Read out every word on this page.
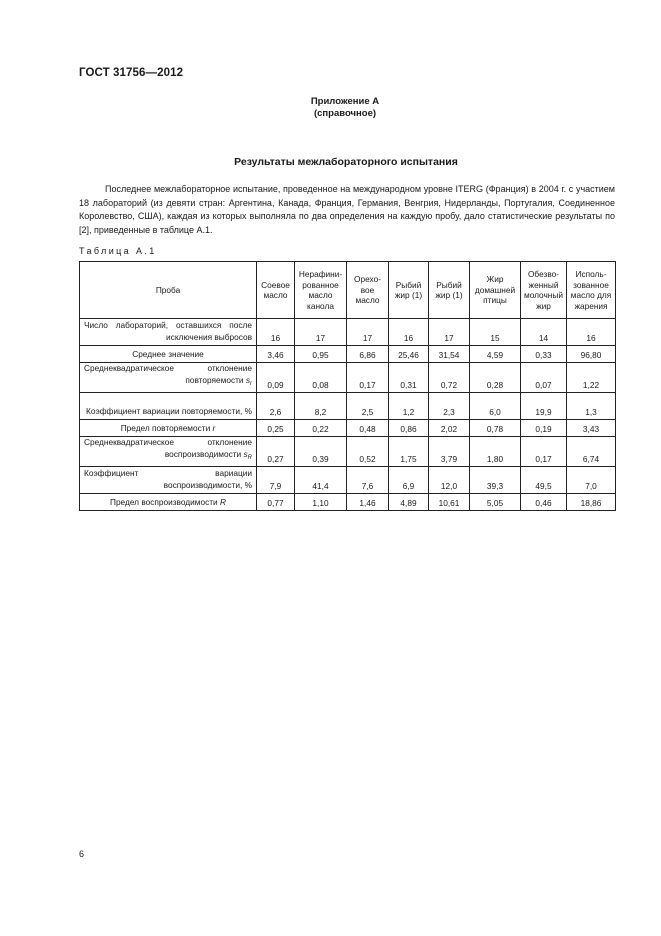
ГОСТ 31756—2012
Приложение А
(справочное)
Результаты межлабораторного испытания

Последнее межлабораторное испытание, проведенное на международном уровне ITERG (Франция) в 2004 г. с участием 18 лабораторий (из девяти стран: Аргентина, Канада, Франция, Германия, Венгрия, Нидерланды, Португалия, Соединенное Королевство, США), каждая из которых выполняла по два определения на каждую пробу, дало статистические результаты по [2], приведенные в таблице А.1.

Таблица А.1
Проба	Соевое масло	Нерафини-рованное масло канола	Орехо-вое масло	Рыбий жир (1)	Рыбий жир (1)	Жир домашней птицы	Обезво-женный молочный жир	Исполь-зованное масло для жарения
Число лабораторий, оставшихся после исключения выбросов	16	17	17	16	17	15	14	16
Среднее значение	3,46	0,95	6,86	25,46	31,54	4,59	0,33	96,80
Среднеквадратическое отклонение повторяемости $s_r$	0,09	0,08	0,17	0,31	0,72	0,28	0,07	1,22
Коэффициент вариации повторяемости, %	2,6	8,2	2,5	1,2	2,3	6,0	19,9	1,3
Предел повторяемости r	0,25	0,22	0,48	0,86	2,02	0,78	0,19	3,43
Среднеквадратическое отклонение воспроизводимости $s_R$	0,27	0,39	0,52	1,75	3,79	1,80	0,17	6,74
Коэффициент вариации воспроизводимости, %	7,9	41,4	7,6	6,9	12,0	39,3	49,5	7,0
Предел воспроизводимости R	0,77	1,10	1,46	4,89	10,61	5,05	0,46	18,86
6
